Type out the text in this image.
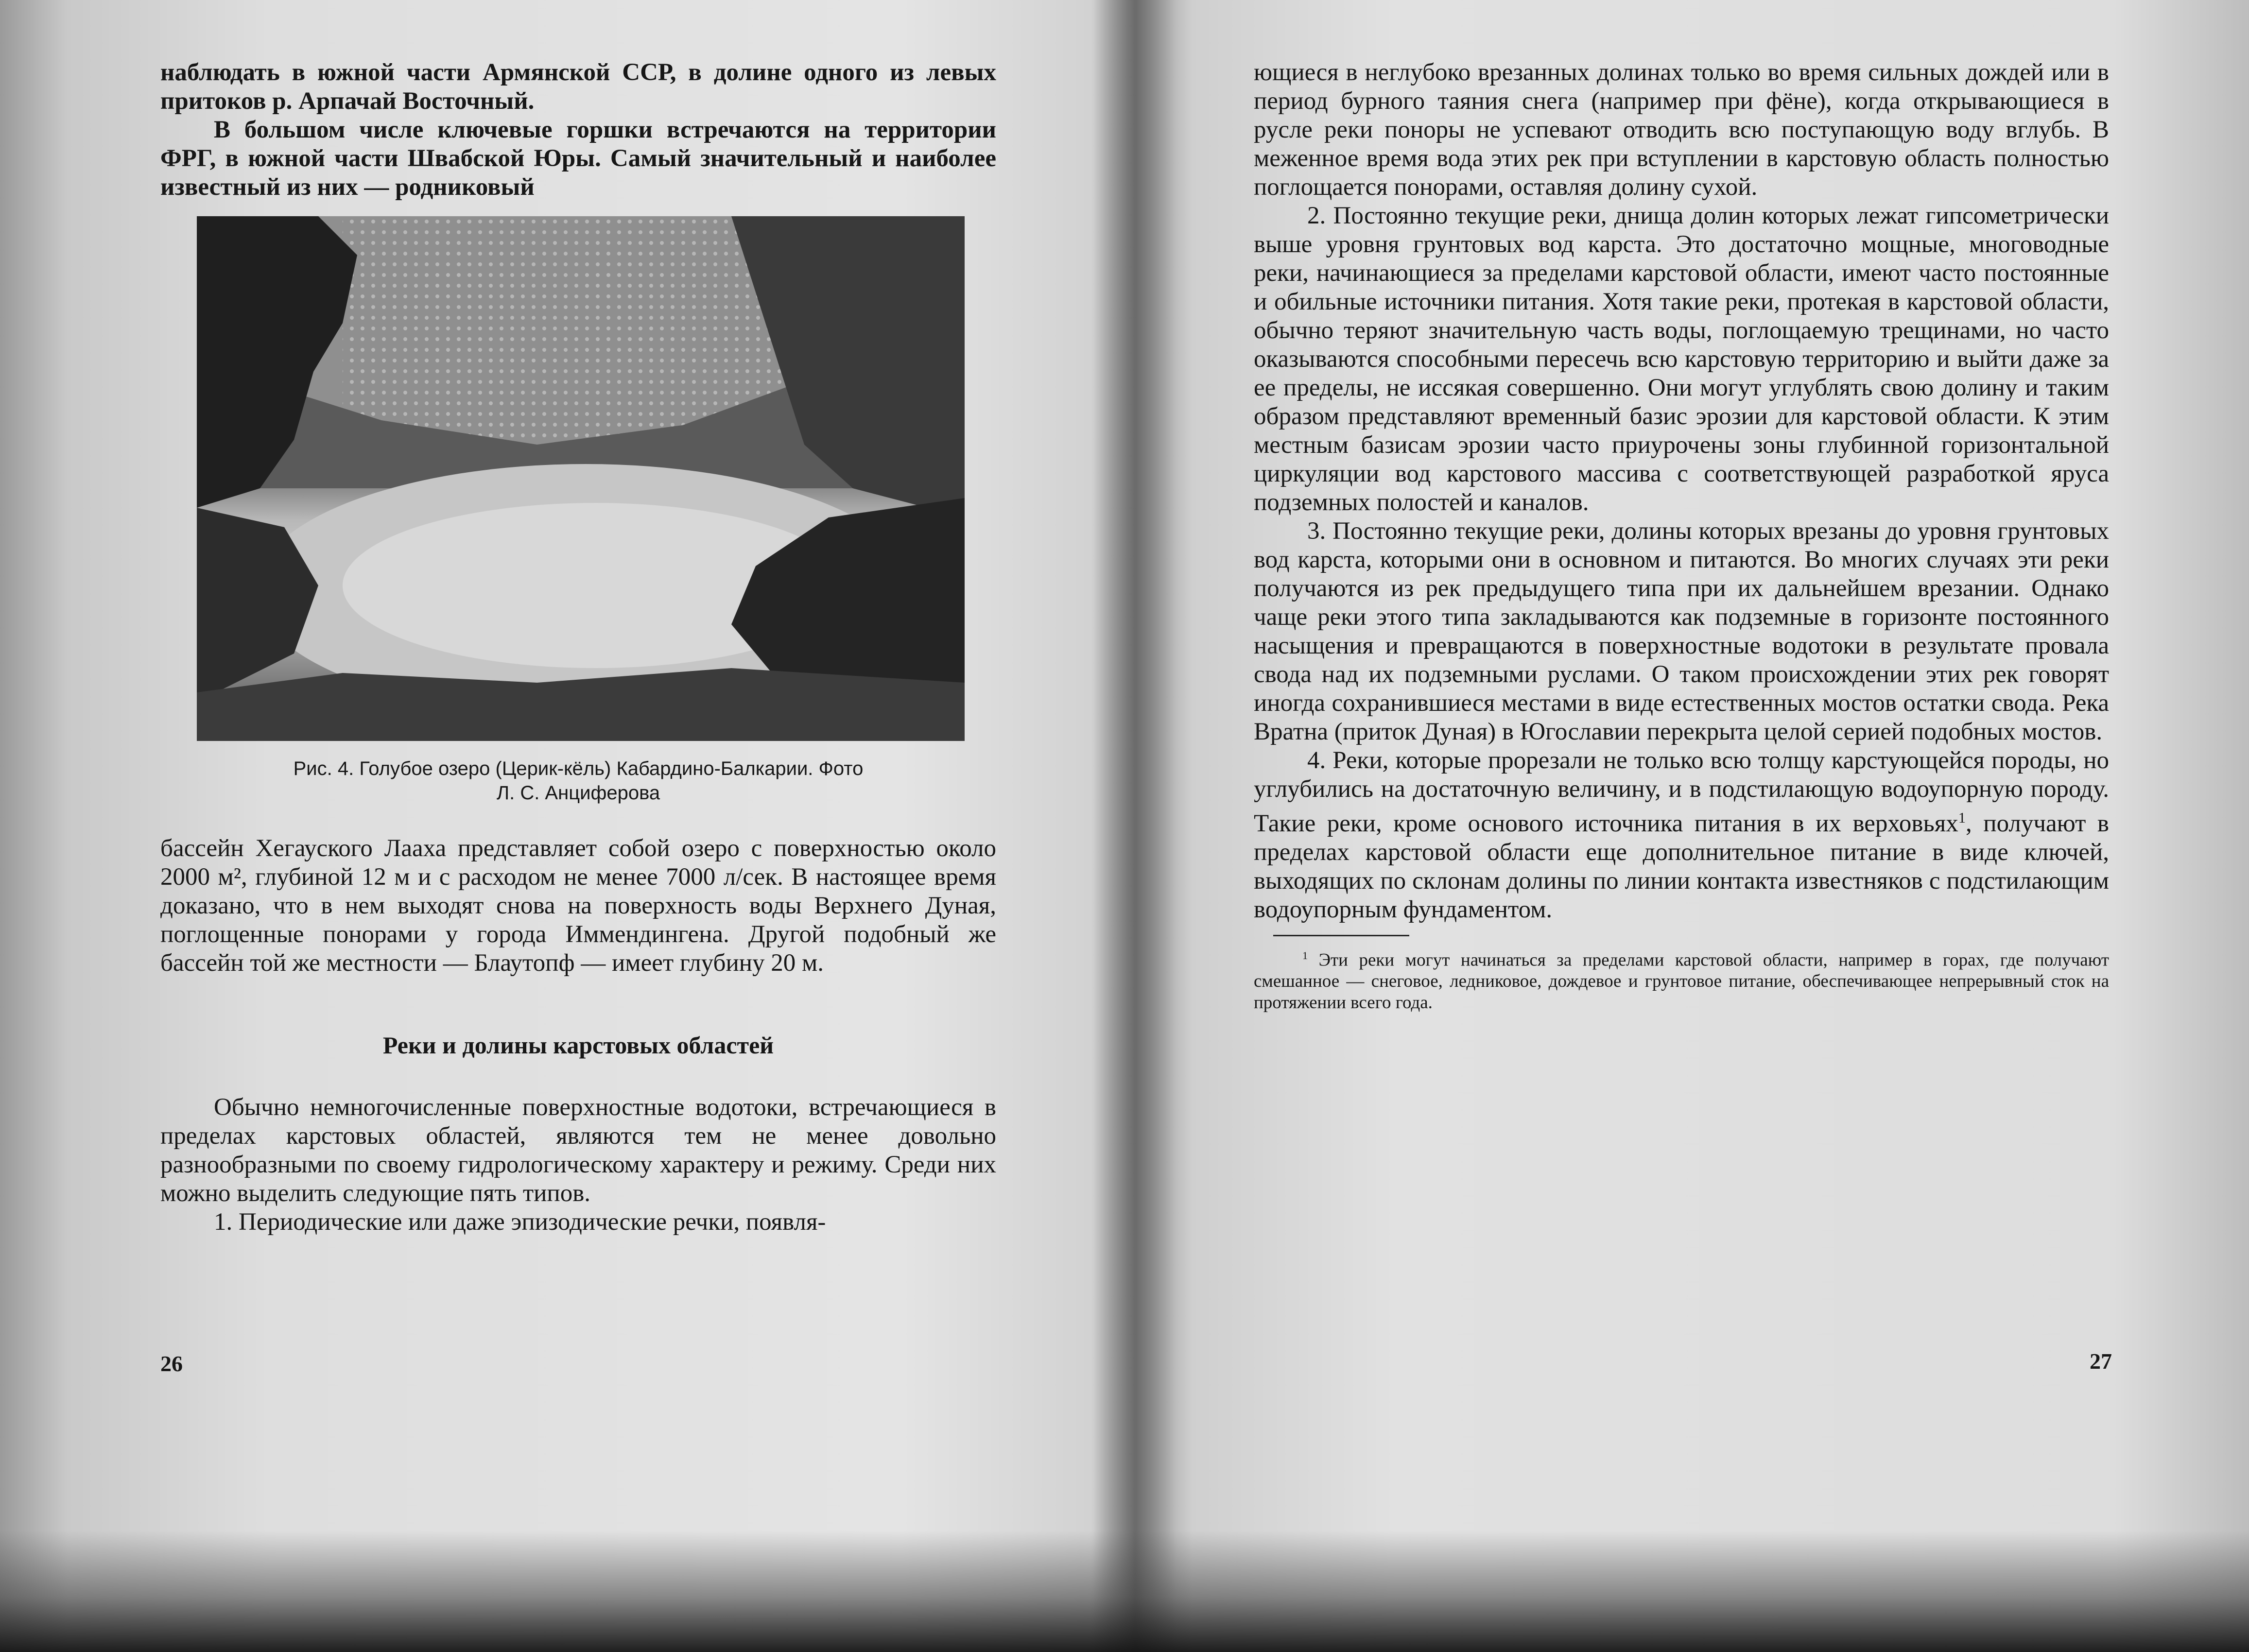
наблюдать в южной части Армянской ССР, в долине одного из левых притоков р. Арпачай Восточный.

В большом числе ключевые горшки встречаются на территории ФРГ, в южной части Швабской Юры. Самый значительный и наиболее известный из них — родниковый

Рис. 4. Голубое озеро (Церик-кёль) Кабардино-Балкарии. Фото
Л. С. Анциферова

бассейн Хегауского Лааха представляет собой озеро с поверхностью около 2000 м², глубиной 12 м и с расходом не менее 7000 л/сек. В настоящее время доказано, что в нем выходят снова на поверхность воды Верхнего Дуная, поглощенные понорами у города Иммендингена. Другой подобный же бассейн той же местности — Блаутопф — имеет глубину 20 м.

Реки и долины карстовых областей

Обычно немногочисленные поверхностные водотоки, встречающиеся в пределах карстовых областей, являются тем не менее довольно разнообразными по своему гидрологическому характеру и режиму. Среди них можно выделить следующие пять типов.

1. Периодические или даже эпизодические речки, появля-

26

ющиеся в неглубоко врезанных долинах только во время сильных дождей или в период бурного таяния снега (например при фёне), когда открывающиеся в русле реки поноры не успевают отводить всю поступающую воду вглубь. В меженное время вода этих рек при вступлении в карстовую область полностью поглощается понорами, оставляя долину сухой.

2. Постоянно текущие реки, днища долин которых лежат гипсометрически выше уровня грунтовых вод карста. Это достаточно мощные, многоводные реки, начинающиеся за пределами карстовой области, имеют часто постоянные и обильные источники питания. Хотя такие реки, протекая в карстовой области, обычно теряют значительную часть воды, поглощаемую трещинами, но часто оказываются способными пересечь всю карстовую территорию и выйти даже за ее пределы, не иссякая совершенно. Они могут углублять свою долину и таким образом представляют временный базис эрозии для карстовой области. К этим местным базисам эрозии часто приурочены зоны глубинной горизонтальной циркуляции вод карстового массива с соответствующей разработкой яруса подземных полостей и каналов.

3. Постоянно текущие реки, долины которых врезаны до уровня грунтовых вод карста, которыми они в основном и питаются. Во многих случаях эти реки получаются из рек предыдущего типа при их дальнейшем врезании. Однако чаще реки этого типа закладываются как подземные в горизонте постоянного насыщения и превращаются в поверхностные водотоки в результате провала свода над их подземными руслами. О таком происхождении этих рек говорят иногда сохранившиеся местами в виде естественных мостов остатки свода. Река Вратна (приток Дуная) в Югославии перекрыта целой серией подобных мостов.

4. Реки, которые прорезали не только всю толщу карстующейся породы, но углубились на достаточную величину, и в подстилающую водоупорную породу. Такие реки, кроме основого источника питания в их верховьях$^1$, получают в пределах карстовой области еще дополнительное питание в виде ключей, выходящих по склонам долины по линии контакта известняков с подстилающим водоупорным фундаментом.

$^1$ Эти реки могут начинаться за пределами карстовой области, например в горах, где получают смешанное — снеговое, ледниковое, дождевое и грунтовое питание, обеспечивающее непрерывный сток на протяжении всего года.

27
